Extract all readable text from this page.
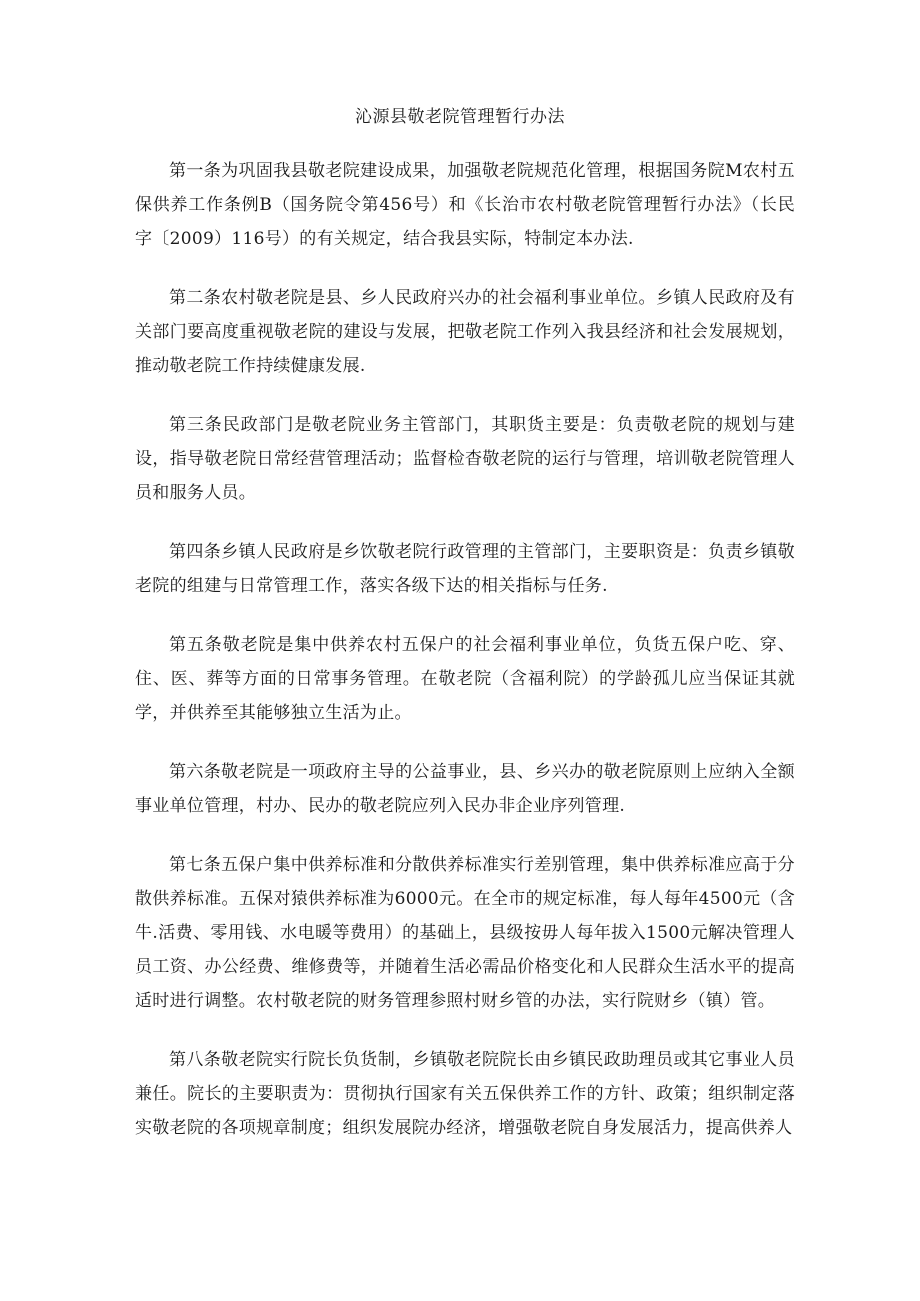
沁源县敬老院管理暂行办法

第一条为巩固我县敬老院建设成果，加强敬老院规范化管理，根据国务院M农村五保供养工作条例B（国务院令第456号）和《长治市农村敬老院管理暂行办法》（长民字〔2009）116号）的有关规定，结合我县实际，特制定本办法.

第二条农村敬老院是县、乡人民政府兴办的社会福利事业单位。乡镇人民政府及有关部门要高度重视敬老院的建设与发展，把敬老院工作列入我县经济和社会发展规划，推动敬老院工作持续健康发展.

第三条民政部门是敬老院业务主管部门，其职货主要是：负责敬老院的规划与建设，指导敬老院日常经营管理活动；监督检杳敬老院的运行与管理，培训敬老院管理人员和服务人员。

第四条乡镇人民政府是乡饮敬老院行政管理的主管部门，主要职资是：负责乡镇敬老院的组建与日常管理工作，落实各级下达的相关指标与任务.

第五条敬老院是集中供养农村五保户的社会福利事业单位，负货五保户吃、穿、住、医、葬等方面的日常事务管理。在敬老院（含福利院）的学龄孤儿应当保证其就学，并供养至其能够独立生活为止。

第六条敬老院是一项政府主导的公益事业，县、乡兴办的敬老院原则上应纳入全额事业单位管理，村办、民办的敬老院应列入民办非企业序列管理.

第七条五保户集中供养标准和分散供养标准实行差别管理，集中供养标准应高于分散供养标准。五保对猿供养标准为6000元。在全市的规定标准，每人每年4500元（含牛.活费、零用钱、水电暖等费用）的基础上，县级按毋人每年拔入1500元解决管理人员工资、办公经费、维修费等，并随着生活必需品价格变化和人民群众生活水平的提高适时进行调整。农村敬老院的财务管理参照村财乡管的办法，实行院财乡（镇）管。

第八条敬老院实行院长负货制，乡镇敬老院院长由乡镇民政助理员或其它事业人员兼任。院长的主要职责为：贯彻执行国家有关五保供养工作的方针、政策；组织制定落实敬老院的各项规章制度；组织发展院办经济，增强敬老院自身发展活力，提高供养人
